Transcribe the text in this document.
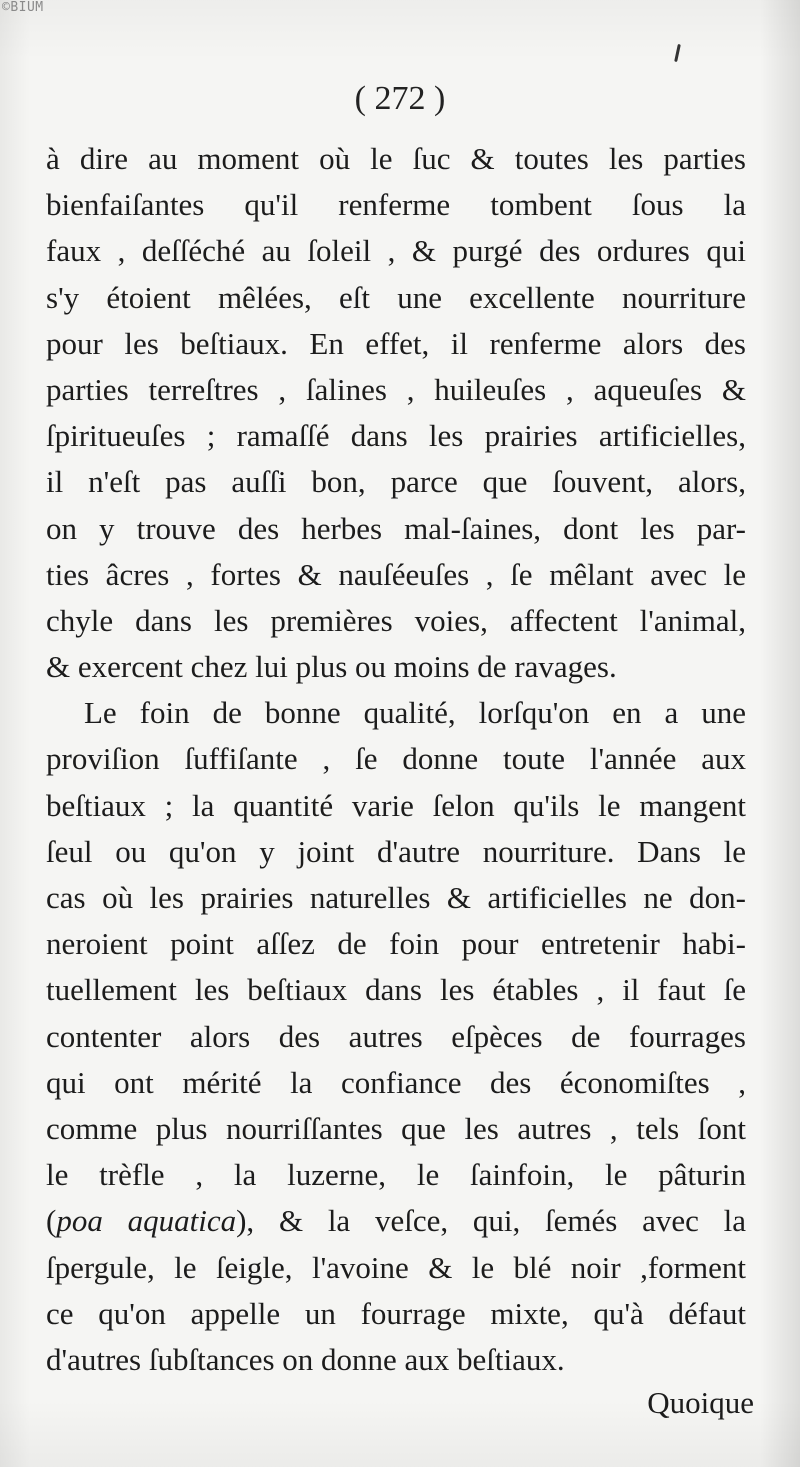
©BIUM
( 272 )
à dire au moment où le ſuc & toutes les parties
bienfaiſantes qu'il renferme tombent ſous la
faux , deſſéché au ſoleil , & purgé des ordures qui
s'y étoient mêlées, eſt une excellente nourriture
pour les beſtiaux. En effet, il renferme alors des
parties terreſtres , ſalines , huileuſes , aqueuſes &
ſpiritueuſes ; ramaſſé dans les prairies artificielles,
il n'eſt pas auſſi bon, parce que ſouvent, alors,
on y trouve des herbes mal-ſaines, dont les par-
ties âcres , fortes & nauſéeuſes , ſe mêlant avec le
chyle dans les premières voies, affectent l'animal,
& exercent chez lui plus ou moins de ravages.
Le foin de bonne qualité, lorſqu'on en a une
proviſion ſuffiſante , ſe donne toute l'année aux
beſtiaux ; la quantité varie ſelon qu'ils le mangent
ſeul ou qu'on y joint d'autre nourriture. Dans le
cas où les prairies naturelles & artificielles ne don-
neroient point aſſez de foin pour entretenir habi-
tuellement les beſtiaux dans les étables , il faut ſe
contenter alors des autres eſpèces de fourrages
qui ont mérité la confiance des économiſtes ,
comme plus nourriſſantes que les autres , tels ſont
le trèfle , la luzerne, le ſainfoin, le pâturin
(poa aquatica), & la veſce, qui, ſemés avec la
ſpergule, le ſeigle, l'avoine & le blé noir ,forment
ce qu'on appelle un fourrage mixte, qu'à défaut
d'autres ſubſtances on donne aux beſtiaux.
Quoique
